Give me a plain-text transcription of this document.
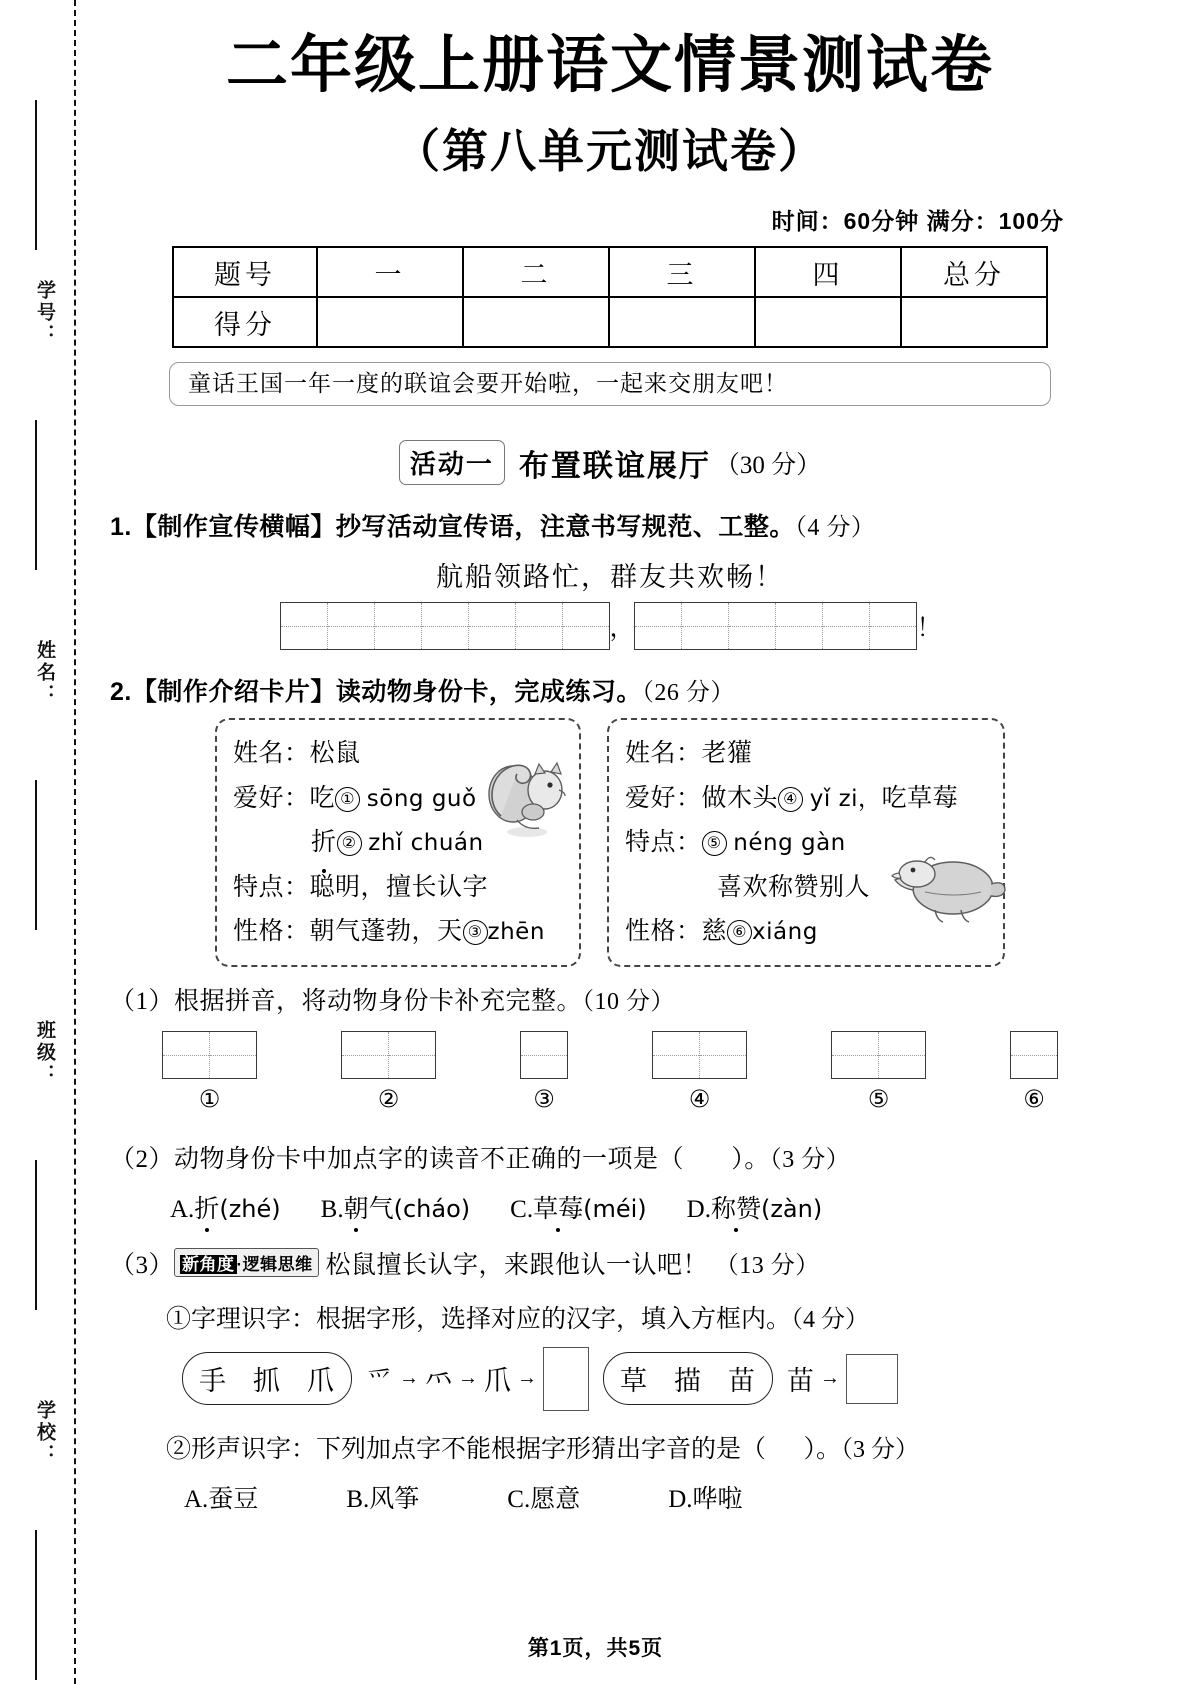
学号：
姓名：
班级：
学校：
二年级上册语文情景测试卷
（第八单元测试卷）
时间：60分钟 满分：100分
题号	一	二	三	四	总分
得分					
童话王国一年一度的联谊会要开始啦，一起来交朋友吧！
活动一 布置联谊展厅 （30 分）
1.【制作宣传横幅】抄写活动宣传语，注意书写规范、工整。（4 分）
航船领路忙，群友共欢畅！
，	！
2.【制作介绍卡片】读动物身份卡，完成练习。（26 分）
姓名：松鼠
爱好：吃 ① sōng guǒ
折 ② zhǐ chuán
特点：聪明，擅长认字
性格：朝气蓬勃，天 ③ zhēn
姓名：老獾
爱好：做木头 ④ yǐ zi，吃草莓
特点： ⑤ néng gàn
喜欢称赞别人
性格：慈 ⑥ xiáng
（1）根据拼音，将动物身份卡补充完整。（10 分）
①	②	③	④	⑤	⑥
（2）动物身份卡中加点字的读音不正确的一项是（ ）。（3 分）
A.折(zhé) B.朝气(cháo) C.草莓(méi) D.称赞(zàn)
（3） 新角度 ·逻辑思维 松鼠擅长认字，来跟他认一认吧！ （13 分）
①字理识字：根据字形，选择对应的汉字，填入方框内。（4 分）
手 抓 爪 爫 → ⺤ → 爪 →	草 描 苗 苗 →
②形声识字：下列加点字不能根据字形猜出字音的是（ ）。（3 分）
A.蚕豆	B.风筝	C.愿意	D.哗啦
第1页，共5页
